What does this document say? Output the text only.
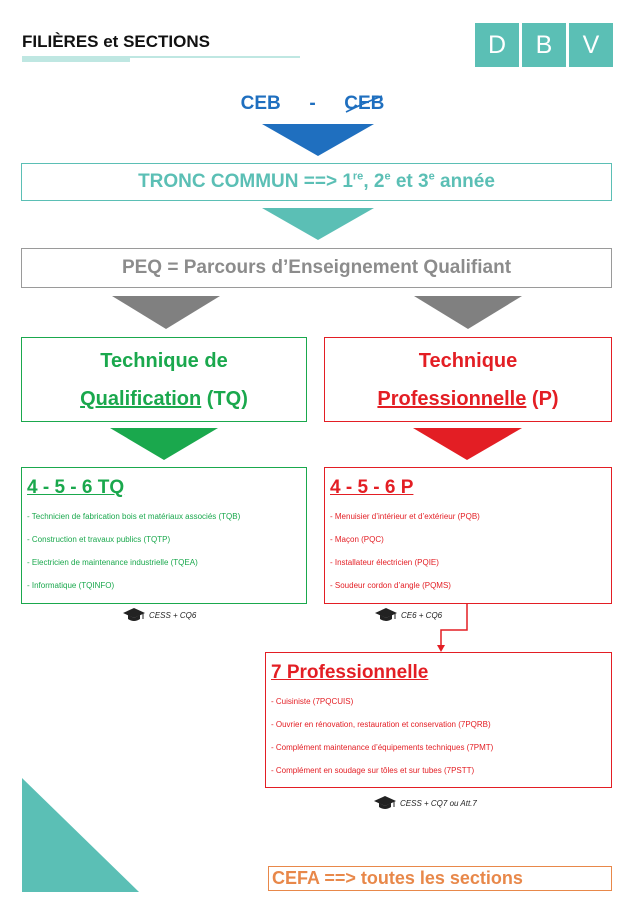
FILIÈRES et SECTIONS	D	B	V
CEB - CEB
TRONC COMMUN ==> 1re, 2e et 3e année
PEQ = Parcours d’Enseignement Qualifiant
Technique de
Qualification (TQ)
Technique
Professionnelle (P)
4 - 5 - 6 TQ
- Technicien de fabrication bois et matériaux associés (TQB)
- Construction et travaux publics (TQTP)
- Electricien de maintenance industrielle (TQEA)
- Informatique (TQINFO)
4 - 5 - 6 P
- Menuisier d’intérieur et d’extérieur (PQB)
- Maçon (PQC)
- Installateur électricien (PQIE)
- Soudeur cordon d’angle (PQMS)
CESS + CQ6	CE6 + CQ6
7 Professionnelle
- Cuisiniste (7PQCUIS)
- Ouvrier en rénovation, restauration et conservation (7PQRB)
- Complément maintenance d’équipements techniques (7PMT)
- Complément en soudage sur tôles et sur tubes (7PSTT)
CESS + CQ7 ou Att.7
CEFA ==> toutes les sections
